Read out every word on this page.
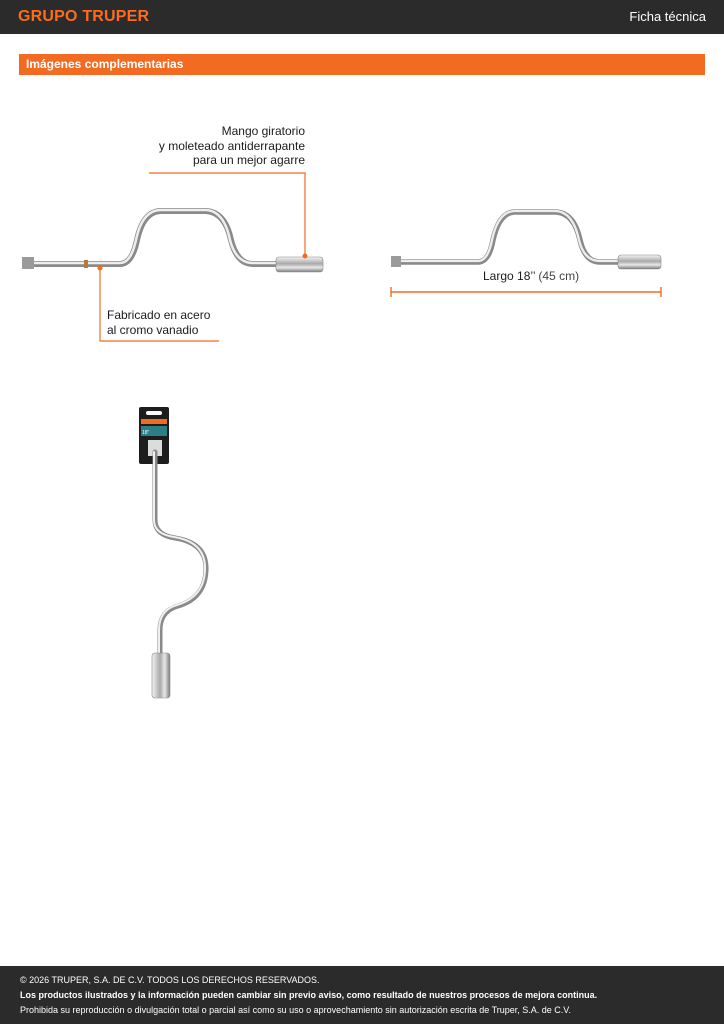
GRUPO TRUPER	Ficha técnica
Imágenes complementarias
18"
Mango giratorio
y moleteado antiderrapante
para un mejor agarre
Fabricado en acero
al cromo vanadio
Largo 18’’ (45 cm)
© 2026 TRUPER, S.A. DE C.V. TODOS LOS DERECHOS RESERVADOS.
Los productos ilustrados y la información pueden cambiar sin previo aviso, como resultado de nuestros procesos de mejora continua.
Prohibida su reproducción o divulgación total o parcial así como su uso o aprovechamiento sin autorización escrita de Truper, S.A. de C.V.
